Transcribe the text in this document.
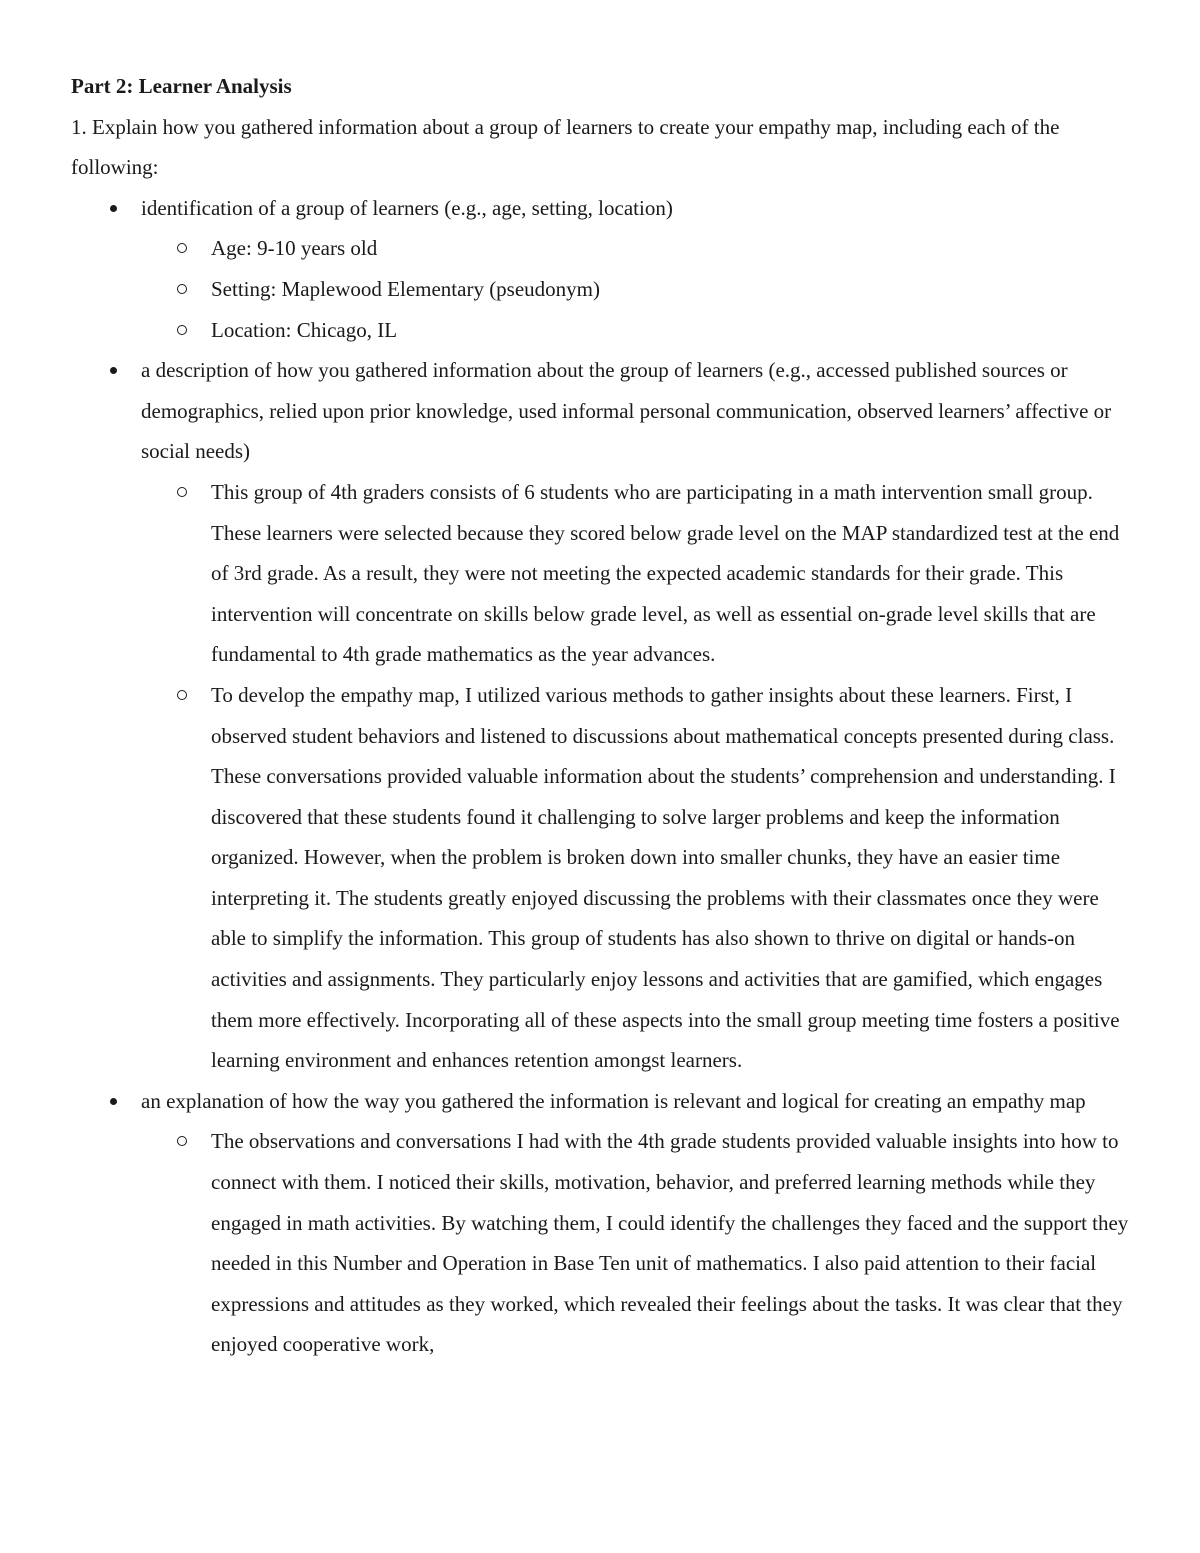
Part 2: Learner Analysis

1. Explain how you gathered information about a group of learners to create your empathy map, including each of the following:

identification of a group of learners (e.g., age, setting, location)
Age: 9-10 years old
Setting: Maplewood Elementary (pseudonym)
Location: Chicago, IL
a description of how you gathered information about the group of learners (e.g., accessed published sources or demographics, relied upon prior knowledge, used informal personal communication, observed learners’ affective or social needs)
This group of 4th graders consists of 6 students who are participating in a math intervention small group. These learners were selected because they scored below grade level on the MAP standardized test at the end of 3rd grade. As a result, they were not meeting the expected academic standards for their grade. This intervention will concentrate on skills below grade level, as well as essential on-grade level skills that are fundamental to 4th grade mathematics as the year advances.
To develop the empathy map, I utilized various methods to gather insights about these learners. First, I observed student behaviors and listened to discussions about mathematical concepts presented during class. These conversations provided valuable information about the students’ comprehension and understanding. I discovered that these students found it challenging to solve larger problems and keep the information organized. However, when the problem is broken down into smaller chunks, they have an easier time interpreting it. The students greatly enjoyed discussing the problems with their classmates once they were able to simplify the information. This group of students has also shown to thrive on digital or hands-on activities and assignments. They particularly enjoy lessons and activities that are gamified, which engages them more effectively. Incorporating all of these aspects into the small group meeting time fosters a positive learning environment and enhances retention amongst learners.
an explanation of how the way you gathered the information is relevant and logical for creating an empathy map
The observations and conversations I had with the 4th grade students provided valuable insights into how to connect with them. I noticed their skills, motivation, behavior, and preferred learning methods while they engaged in math activities. By watching them, I could identify the challenges they faced and the support they needed in this Number and Operation in Base Ten unit of mathematics. I also paid attention to their facial expressions and attitudes as they worked, which revealed their feelings about the tasks. It was clear that they enjoyed cooperative work,
